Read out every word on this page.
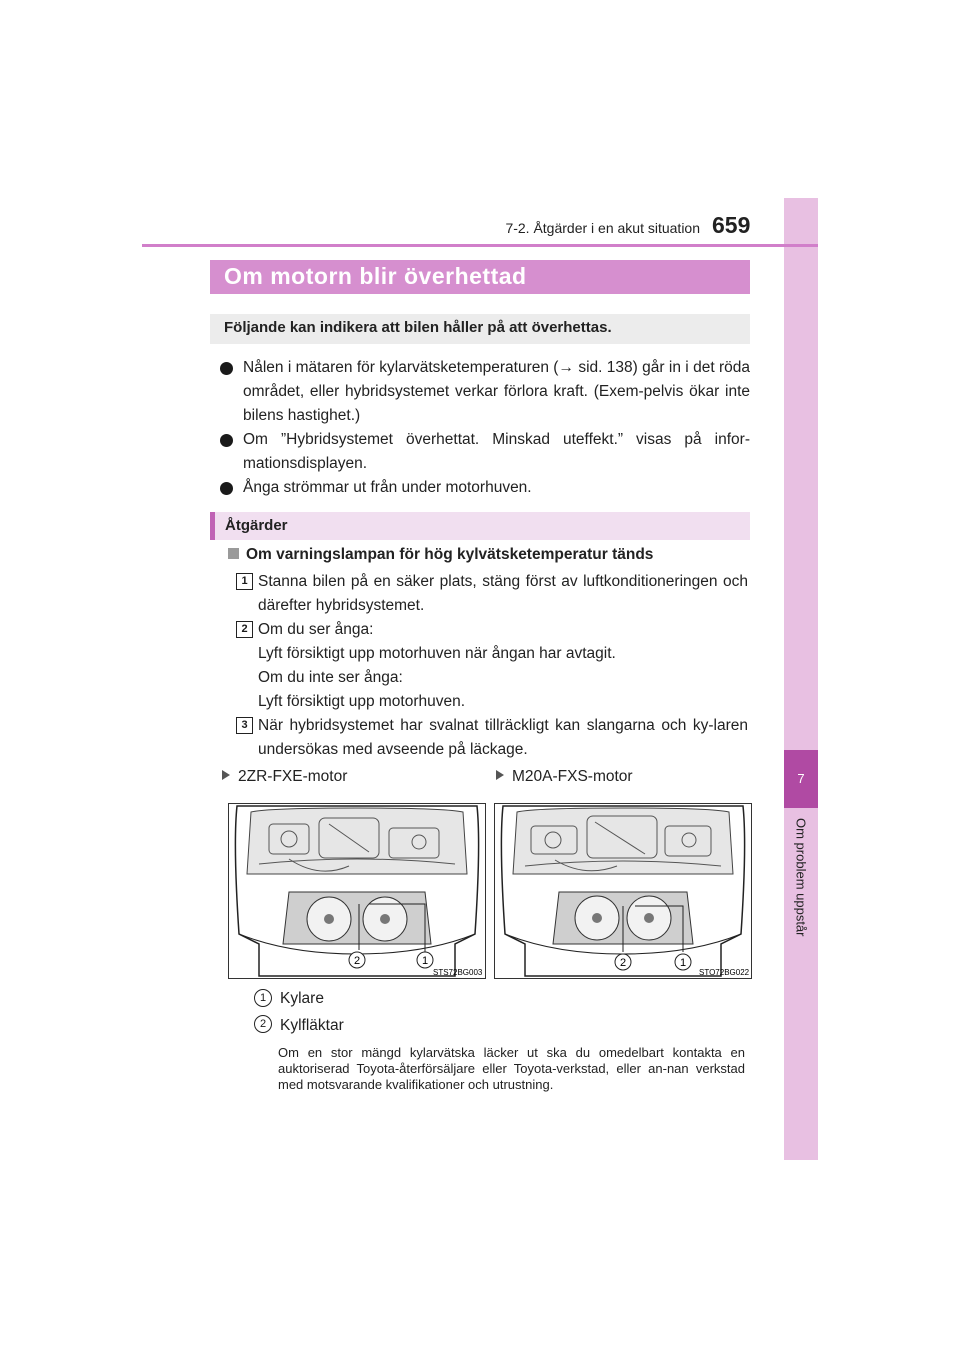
7
Om problem uppstår
7-2. Åtgärder i en akut situation 659
Om motorn blir överhettad
Följande kan indikera att bilen håller på att överhettas.
Nålen i mätaren för kylarvätsketemperaturen (→ sid. 138) går in i det röda området, eller hybridsystemet verkar förlora kraft. (Exem-pelvis ökar inte bilens hastighet.)
Om ”Hybridsystemet överhettat. Minskad uteffekt.” visas på infor-mationsdisplayen.
Ånga strömmar ut från under motorhuven.
Åtgärder
Om varningslampan för hög kylvätsketemperatur tänds
1 Stanna bilen på en säker plats, stäng först av luftkonditioneringen och därefter hybridsystemet.
2 Om du ser ånga:
Lyft försiktigt upp motorhuven när ångan har avtagit.
Om du inte ser ånga:
Lyft försiktigt upp motorhuven.
3 När hybridsystemet har svalnat tillräckligt kan slangarna och ky-laren undersökas med avseende på läckage.
2ZR-FXE-motor	M20A-FXS-motor
2	1
STS72BG003
2	1
STO72BG022
1 Kylare
2 Kylfläktar
Om en stor mängd kylarvätska läcker ut ska du omedelbart kontakta en auktoriserad Toyota-återförsäljare eller Toyota-verkstad, eller an-nan verkstad med motsvarande kvalifikationer och utrustning.
